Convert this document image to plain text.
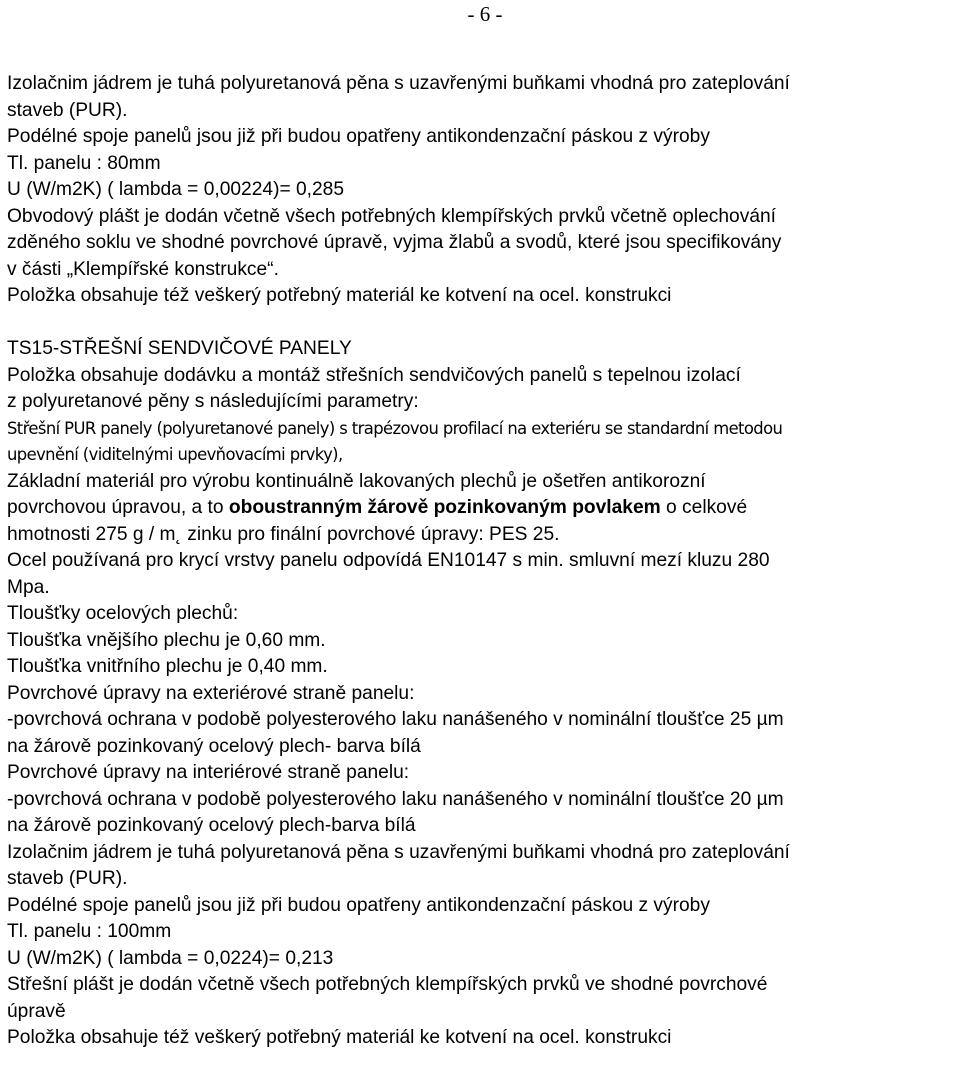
- 6 -
Izolačnim jádrem je tuhá polyuretanová pěna s uzavřenými buňkami vhodná pro zateplování
staveb (PUR).
Podélné spoje panelů jsou již při budou opatřeny antikondenzační páskou z výroby
Tl. panelu : 80mm
U (W/m2K) ( lambda = 0,00224)= 0,285
Obvodový plášt je dodán včetně všech potřebných klempířských prvků včetně oplechování
zděného soklu ve shodné povrchové úpravě, vyjma žlabů a svodů, které jsou specifikovány
v části „Klempířské konstrukce“.
Položka obsahuje též veškerý potřebný materiál ke kotvení na ocel. konstrukci
TS15-STŘEŠNÍ SENDVIČOVÉ PANELY
Položka obsahuje dodávku a montáž střešních sendvičových panelů s tepelnou izolací
z polyuretanové pěny s následujícími parametry:
Střešní PUR panely (polyuretanové panely) s trapézovou profilací na exteriéru se standardní metodou
upevnění (viditelnými upevňovacími prvky),
Základní materiál pro výrobu kontinuálně lakovaných plechů je ošetřen antikorozní
povrchovou úpravou, a to oboustranným žárově pozinkovaným povlakem o celkové
hmotnosti 275 g / m˛ zinku pro finální povrchové úpravy: PES 25.
Ocel používaná pro krycí vrstvy panelu odpovídá EN10147 s min. smluvní mezí kluzu 280
Mpa.
Tloušťky ocelových plechů:
Tloušťka vnějšího plechu je 0,60 mm.
Tloušťka vnitřního plechu je 0,40 mm.
Povrchové úpravy na exteriérové straně panelu:
-povrchová ochrana v podobě polyesterového laku nanášeného v nominální tloušťce 25 µm
na žárově pozinkovaný ocelový plech- barva bílá
Povrchové úpravy na interiérové straně panelu:
-povrchová ochrana v podobě polyesterového laku nanášeného v nominální tloušťce 20 µm
na žárově pozinkovaný ocelový plech-barva bílá
Izolačnim jádrem je tuhá polyuretanová pěna s uzavřenými buňkami vhodná pro zateplování
staveb (PUR).
Podélné spoje panelů jsou již při budou opatřeny antikondenzační páskou z výroby
Tl. panelu : 100mm
U (W/m2K) ( lambda = 0,0224)= 0,213
Střešní plášt je dodán včetně všech potřebných klempířských prvků ve shodné povrchové
úpravě
Položka obsahuje též veškerý potřebný materiál ke kotvení na ocel. konstrukci
